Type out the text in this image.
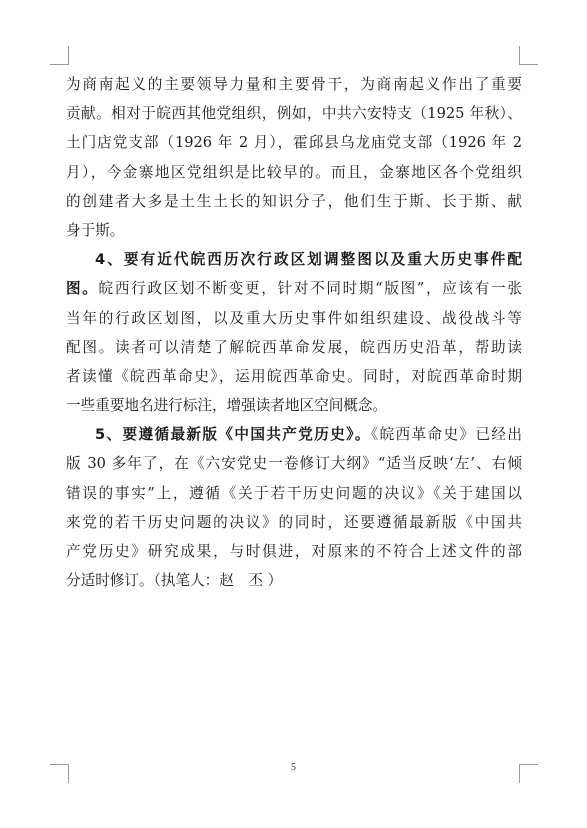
为商南起义的主要领导力量和主要骨干，为商南起义作出了重要
贡献。相对于皖西其他党组织，例如，中共六安特支（1925 年秋）、
土门店党支部（1926 年 2 月），霍邱县乌龙庙党支部（1926 年 2
月），今金寨地区党组织是比较早的。而且，金寨地区各个党组织
的创建者大多是土生土长的知识分子，他们生于斯、长于斯、献
身于斯。
4、要有近代皖西历次行政区划调整图以及重大历史事件配
图。皖西行政区划不断变更，针对不同时期“版图”，应该有一张
当年的行政区划图，以及重大历史事件如组织建设、战役战斗等
配图。读者可以清楚了解皖西革命发展，皖西历史沿革，帮助读
者读懂《皖西革命史》，运用皖西革命史。同时，对皖西革命时期
一些重要地名进行标注，增强读者地区空间概念。
5、要遵循最新版《中国共产党历史》。《皖西革命史》已经出
版 30 多年了，在《六安党史一卷修订大纲》“适当反映‘左’、右倾
错误的事实”上，遵循《关于若干历史问题的决议》《关于建国以
来党的若干历史问题的决议》的同时，还要遵循最新版《中国共
产党历史》研究成果，与时俱进，对原来的不符合上述文件的部
分适时修订。（执笔人：赵　丕 ）
5
